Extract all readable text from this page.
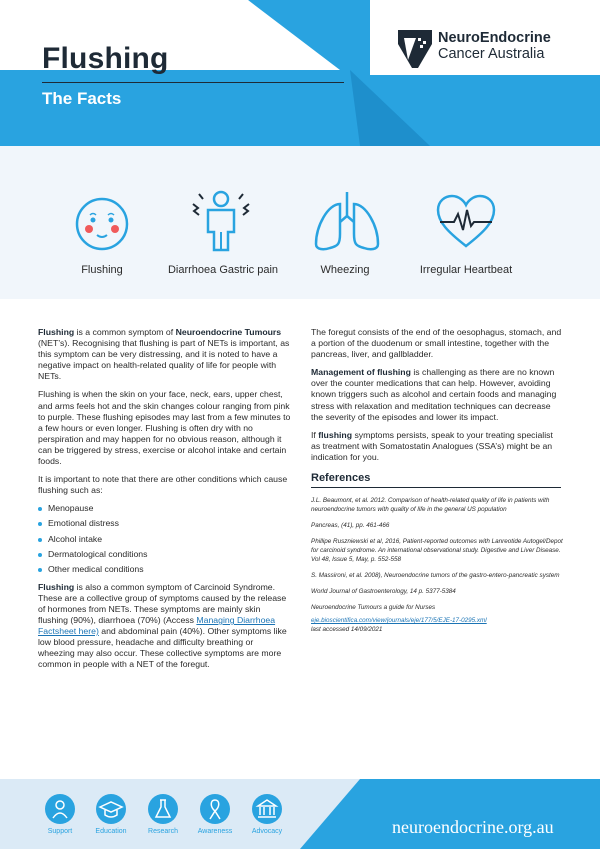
Flushing
The Facts
NeuroEndocrine
Cancer Australia
Flushing	Diarrhoea Gastric pain	Wheezing	Irregular Heartbeat

Flushing is a common symptom of Neuroendocrine Tumours (NET’s). Recognising that flushing is part of NETs is important, as this symptom can be very distressing, and it is noted to have a negative impact on health-related quality of life for people with NETs.

Flushing is when the skin on your face, neck, ears, upper chest, and arms feels hot and the skin changes colour ranging from pink to purple. These flushing episodes may last from a few minutes to a few hours or even longer. Flushing is often dry with no perspiration and may happen for no obvious reason, although it can be triggered by stress, exercise or alcohol intake and certain foods.

It is important to note that there are other conditions which cause flushing such as:

Menopause
Emotional distress
Alcohol intake
Dermatological conditions
Other medical conditions

Flushing is also a common symptom of Carcinoid Syndrome. These are a collective group of symptoms caused by the release of hormones from NETs. These symptoms are mainly skin flushing (90%), diarrhoea (70%) (Access Managing Diarrhoea Factsheet here) and abdominal pain (40%). Other symptoms like low blood pressure, headache and difficulty breathing or wheezing may also occur. These collective symptoms are more common in people with a NET of the foregut.

The foregut consists of the end of the oesophagus, stomach, and a portion of the duodenum or small intestine, together with the pancreas, liver, and gallbladder.

Management of flushing is challenging as there are no known over the counter medications that can help. However, avoiding known triggers such as alcohol and certain foods and managing stress with relaxation and meditation techniques can decrease the severity of the episodes and lower its impact.

If flushing symptoms persists, speak to your treating specialist as treatment with Somatostatin Analogues (SSA’s) might be an indication for you.

References

J.L. Beaumont, et al. 2012. Comparison of health-related quality of life in patients with neuroendocrine tumors with quality of life in the general US population

Pancreas, (41), pp. 461-466

Phillipe Ruszniewski et al, 2016, Patient-reported outcomes with Lanreotide Autogel/Depot for carcinoid syndrome. An international observational study. Digestive and Liver Disease. Vol 48, Issue 5, May, p. 552-558

S. Massironi, et al. 2008), Neuroendocrine tumors of the gastro-entero-pancreatic system

World Journal of Gastroenterology, 14 p. 5377-5384

Neuroendocrine Tumours a guide for Nurses

eje.bioscientifica.com/view/journals/eje/177/5/EJE-17-0295.xml

last accessed 14/09/2021

Support	Education	Research	Awareness	Advocacy	neuroendocrine.org.au
